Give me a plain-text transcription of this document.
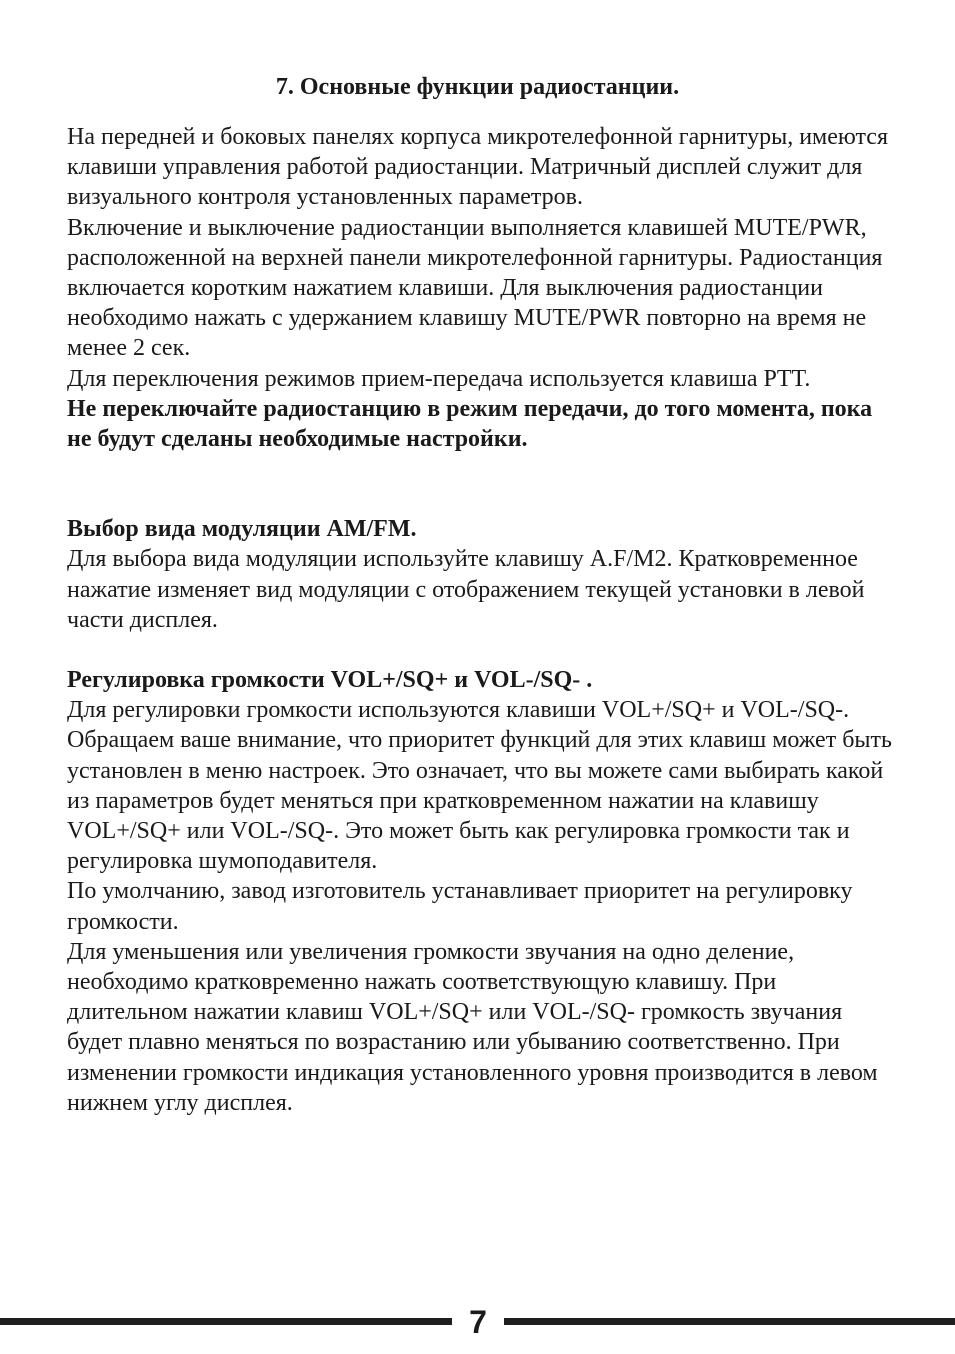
7. Основные функции радиостанции.

На передней и боковых панелях корпуса микротелефонной гарнитуры, имеются клавиши управления работой радиостанции. Матричный дисплей служит для визуального контроля установленных параметров.

Включение и выключение радиостанции выполняется клавишей MUTE/PWR, расположенной на верхней панели микротелефонной гарнитуры. Радиостанция включается коротким нажатием клавиши. Для выключения радиостанции необходимо нажать с удержанием клавишу MUTE/PWR повторно на время не менее 2 сек.

Для переключения режимов прием-передача используется клавиша PTT.

Не переключайте радиостанцию в режим передачи, до того момента, пока не будут сделаны необходимые настройки.

Выбор вида модуляции AM/FM.

Для выбора вида модуляции используйте клавишу A.F/M2. Кратковременное нажатие изменяет вид модуляции с отображением текущей установки в левой части дисплея.

Регулировка громкости VOL+/SQ+ и VOL-/SQ- .

Для регулировки громкости используются клавиши VOL+/SQ+ и VOL-/SQ-. Обращаем ваше внимание, что приоритет функций для этих клавиш может быть установлен в меню настроек. Это означает, что вы можете сами выбирать какой из параметров будет меняться при кратковременном нажатии на клавишу VOL+/SQ+ или VOL-/SQ-. Это может быть как регулировка громкости так и регулировка шумоподавителя.

По умолчанию, завод изготовитель устанавливает приоритет на регулировку громкости.

Для уменьшения или увеличения громкости звучания на одно деление, необходимо кратковременно нажать соответствующую клавишу. При длительном нажатии клавиш VOL+/SQ+ или VOL-/SQ- громкость звучания будет плавно меняться по возрастанию или убыванию соответственно. При изменении громкости индикация установленного уровня производится в левом нижнем углу дисплея.

7
